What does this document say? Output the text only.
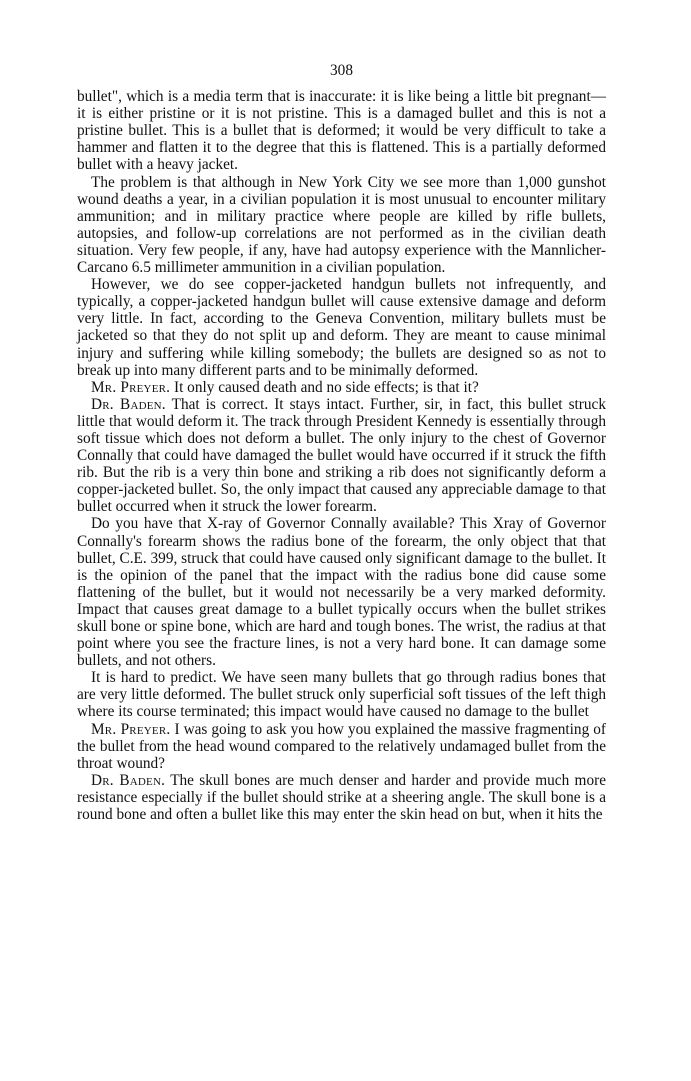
308

bullet", which is a media term that is inaccurate: it is like being a little bit pregnant—it is either pristine or it is not pristine. This is a damaged bullet and this is not a pristine bullet. This is a bullet that is deformed; it would be very difficult to take a hammer and flatten it to the degree that this is flattened. This is a partially deformed bullet with a heavy jacket.

The problem is that although in New York City we see more than 1,000 gunshot wound deaths a year, in a civilian population it is most unusual to encounter military ammunition; and in military practice where people are killed by rifle bullets, autopsies, and follow-up correlations are not performed as in the civilian death situation. Very few people, if any, have had autopsy experience with the Mannlicher-Carcano 6.5 millimeter ammunition in a civilian population.

However, we do see copper-jacketed handgun bullets not infrequently, and typically, a copper-jacketed handgun bullet will cause extensive damage and deform very little. In fact, according to the Geneva Convention, military bullets must be jacketed so that they do not split up and deform. They are meant to cause minimal injury and suffering while killing somebody; the bullets are designed so as not to break up into many different parts and to be minimally deformed.

Mr. Preyer. It only caused death and no side effects; is that it?

Dr. Baden. That is correct. It stays intact. Further, sir, in fact, this bullet struck little that would deform it. The track through President Kennedy is essentially through soft tissue which does not deform a bullet. The only injury to the chest of Governor Connally that could have damaged the bullet would have occurred if it struck the fifth rib. But the rib is a very thin bone and striking a rib does not significantly deform a copper-jacketed bullet. So, the only impact that caused any appreciable damage to that bullet occurred when it struck the lower forearm.

Do you have that X-ray of Governor Connally available? This Xray of Governor Connally's forearm shows the radius bone of the forearm, the only object that that bullet, C.E. 399, struck that could have caused only significant damage to the bullet. It is the opinion of the panel that the impact with the radius bone did cause some flattening of the bullet, but it would not necessarily be a very marked deformity. Impact that causes great damage to a bullet typically occurs when the bullet strikes skull bone or spine bone, which are hard and tough bones. The wrist, the radius at that point where you see the fracture lines, is not a very hard bone. It can damage some bullets, and not others.

It is hard to predict. We have seen many bullets that go through radius bones that are very little deformed. The bullet struck only superficial soft tissues of the left thigh where its course terminated; this impact would have caused no damage to the bullet

Mr. Preyer. I was going to ask you how you explained the massive fragmenting of the bullet from the head wound compared to the relatively undamaged bullet from the throat wound?

Dr. Baden. The skull bones are much denser and harder and provide much more resistance especially if the bullet should strike at a sheering angle. The skull bone is a round bone and often a bullet like this may enter the skin head on but, when it hits the
